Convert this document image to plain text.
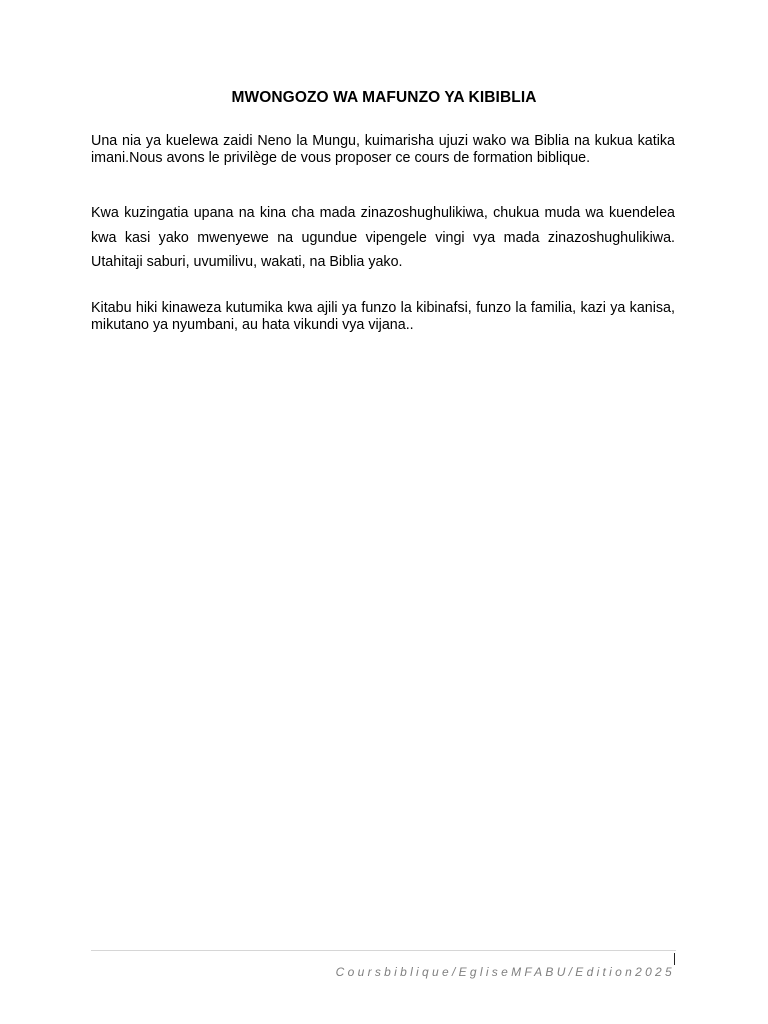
MWONGOZO WA MAFUNZO YA KIBIBLIA
Una nia ya kuelewa zaidi Neno la Mungu, kuimarisha ujuzi wako wa Biblia na kukua katika imani.Nous avons le privilège de vous proposer ce cours de formation biblique.
Kwa kuzingatia upana na kina cha mada zinazoshughulikiwa, chukua muda wa kuendelea kwa kasi yako mwenyewe na ugundue vipengele vingi vya mada zinazoshughulikiwa. Utahitaji saburi, uvumilivu, wakati, na Biblia yako.
Kitabu hiki kinaweza kutumika kwa ajili ya funzo la kibinafsi, funzo la familia, kazi ya kanisa, mikutano ya nyumbani, au hata vikundi vya vijana..
Coursbiblique/EgliseMFABU/Edition2025
